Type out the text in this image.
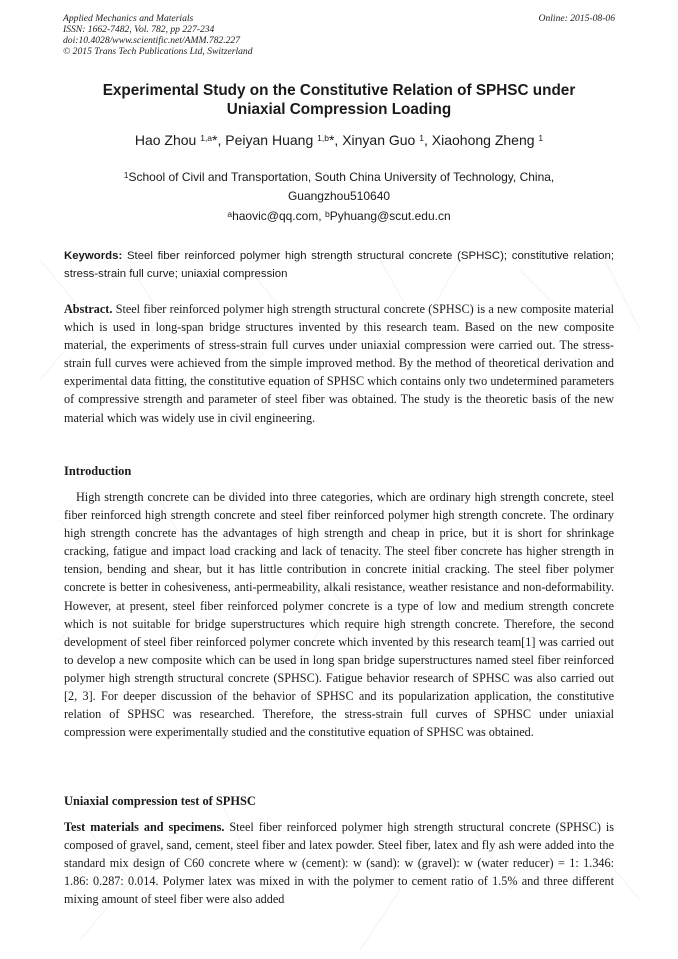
Applied Mechanics and Materials
ISSN: 1662-7482, Vol. 782, pp 227-234
doi:10.4028/www.scientific.net/AMM.782.227
© 2015 Trans Tech Publications Ltd, Switzerland
Online: 2015-08-06
Experimental Study on the Constitutive Relation of SPHSC under
Uniaxial Compression Loading
Hao Zhou $^{1,a}$*, Peiyan Huang $^{1,b}$*, Xinyan Guo $^1$, Xiaohong Zheng $^1$
$^1$School of Civil and Transportation, South China University of Technology, China,
Guangzhou510640
$^a$haovic@qq.com, $^b$Pyhuang@scut.edu.cn
Keywords: Steel fiber reinforced polymer high strength structural concrete (SPHSC); constitutive relation; stress-strain full curve; uniaxial compression
Abstract. Steel fiber reinforced polymer high strength structural concrete (SPHSC) is a new composite material which is used in long-span bridge structures invented by this research team. Based on the new composite material, the experiments of stress-strain full curves under uniaxial compression were carried out. The stress-strain full curves were achieved from the simple improved method. By the method of theoretical derivation and experimental data fitting, the constitutive equation of SPHSC which contains only two undetermined parameters of compressive strength and parameter of steel fiber was obtained. The study is the theoretic basis of the new material which was widely use in civil engineering.
Introduction
High strength concrete can be divided into three categories, which are ordinary high strength concrete, steel fiber reinforced high strength concrete and steel fiber reinforced polymer high strength concrete. The ordinary high strength concrete has the advantages of high strength and cheap in price, but it is short for shrinkage cracking, fatigue and impact load cracking and lack of tenacity. The steel fiber concrete has higher strength in tension, bending and shear, but it has little contribution in concrete initial cracking. The steel fiber polymer concrete is better in cohesiveness, anti-permeability, alkali resistance, weather resistance and non-deformability. However, at present, steel fiber reinforced polymer concrete is a type of low and medium strength concrete which is not suitable for bridge superstructures which require high strength concrete. Therefore, the second development of steel fiber reinforced polymer concrete which invented by this research team[1] was carried out to develop a new composite which can be used in long span bridge superstructures named steel fiber reinforced polymer high strength structural concrete (SPHSC). Fatigue behavior research of SPHSC was also carried out [2, 3]. For deeper discussion of the behavior of SPHSC and its popularization application, the constitutive relation of SPHSC was researched. Therefore, the stress-strain full curves of SPHSC under uniaxial compression were experimentally studied and the constitutive equation of SPHSC was obtained.
Uniaxial compression test of SPHSC
Test materials and specimens. Steel fiber reinforced polymer high strength structural concrete (SPHSC) is composed of gravel, sand, cement, steel fiber and latex powder. Steel fiber, latex and fly ash were added into the standard mix design of C60 concrete where w (cement): w (sand): w (gravel): w (water reducer) = 1: 1.346: 1.86: 0.287: 0.014. Polymer latex was mixed in with the polymer to cement ratio of 1.5% and three different mixing amount of steel fiber were also added
